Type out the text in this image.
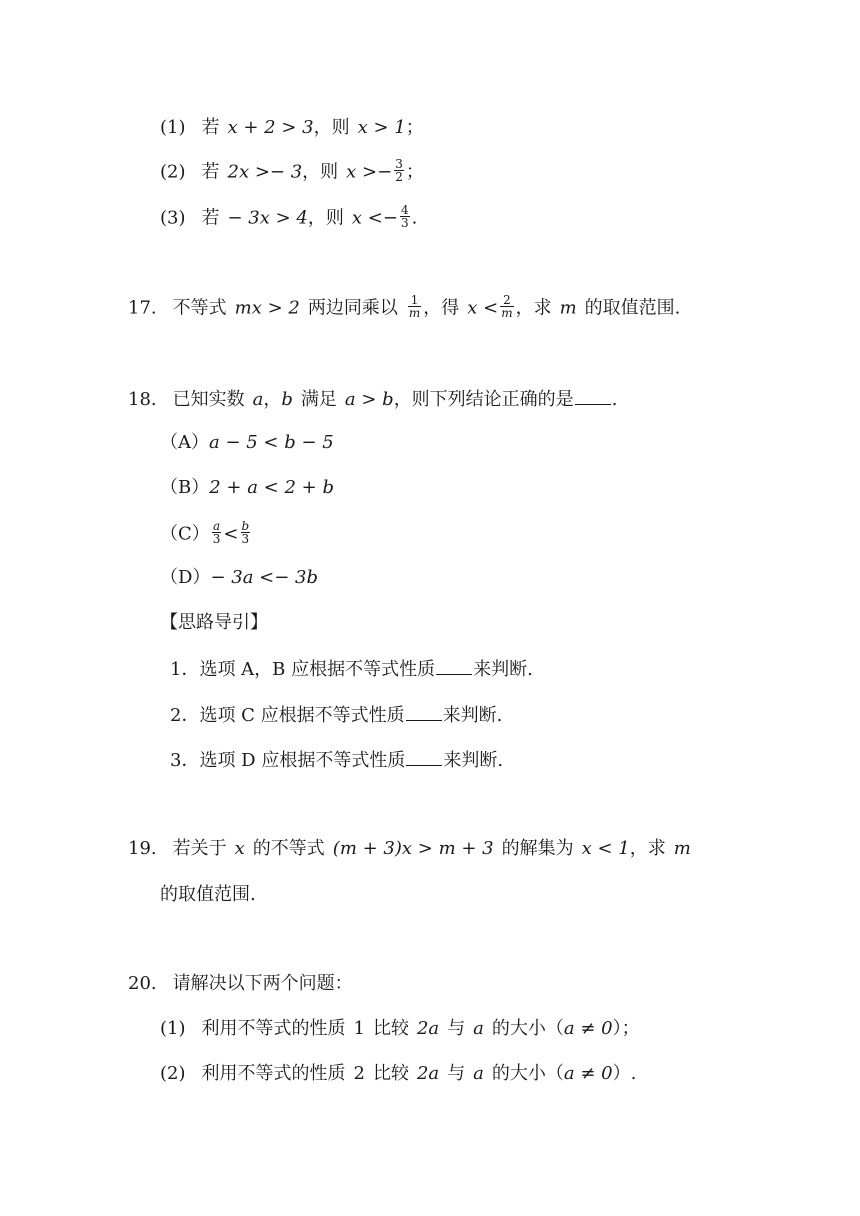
(1) 若 x + 2 > 3，则 x > 1；
(2) 若 2x >− 3，则 $x >- \frac{3}{2}$ ；
(3) 若 − 3x > 4，则 $x <- \frac{4}{3}$ .
17. 不等式 mx > 2 两边同乘以 $\frac{1}{m}$ ，得 $x < \frac{2}{m}$ ，求 m 的取值范围.
18. 已知实数 a，b 满足 a > b，则下列结论正确的是 .
（A）a − 5 < b − 5
（B）2 + a < 2 + b
$(C) \frac{a}{3} < \frac{b}{3}$
（D）− 3a <− 3b
【思路导引】
1．选项 A，B 应根据不等式性质 来判断.
2．选项 C 应根据不等式性质 来判断.
3．选项 D 应根据不等式性质 来判断.
19. 若关于 x 的不等式 (m + 3)x > m + 3 的解集为 x < 1，求 m
的取值范围.
20. 请解决以下两个问题：
(1) 利用不等式的性质 1 比较 2a 与 a 的大小（a ≠ 0）；
(2) 利用不等式的性质 2 比较 2a 与 a 的大小（a ≠ 0）.
